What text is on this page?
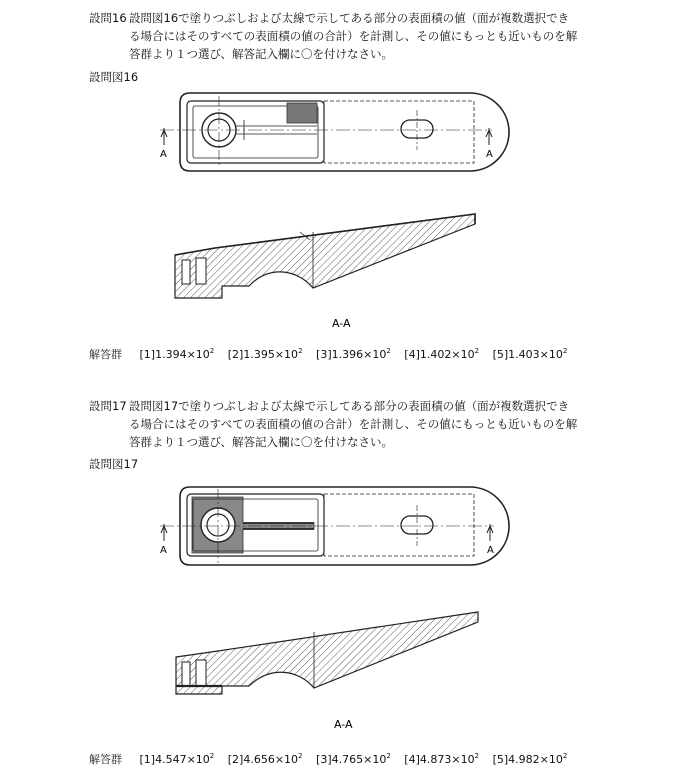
A	A
A-A
A	A
A-A
設問16 設問図16で塗りつぶしおよび太線で示してある部分の表面積の値（面が複数選択できる場合にはそのすべての表面積の値の合計）を計測し、その値にもっとも近いものを解答群より１つ選び、解答記入欄に〇を付けなさい。
設問図16
解答群 $[1]1.394\times 10^2$ $[2]1.395\times 10^2$ $[3]1.396\times 10^2$ $[4]1.402\times 10^2$ $[5]1.403\times 10^2$
設問17 設問図17で塗りつぶしおよび太線で示してある部分の表面積の値（面が複数選択できる場合にはそのすべての表面積の値の合計）を計測し、その値にもっとも近いものを解答群より１つ選び、解答記入欄に〇を付けなさい。
設問図17
解答群 $[1]4.547\times 10^2$ $[2]4.656\times 10^2$ $[3]4.765\times 10^2$ $[4]4.873\times 10^2$ $[5]4.982\times 10^2$
